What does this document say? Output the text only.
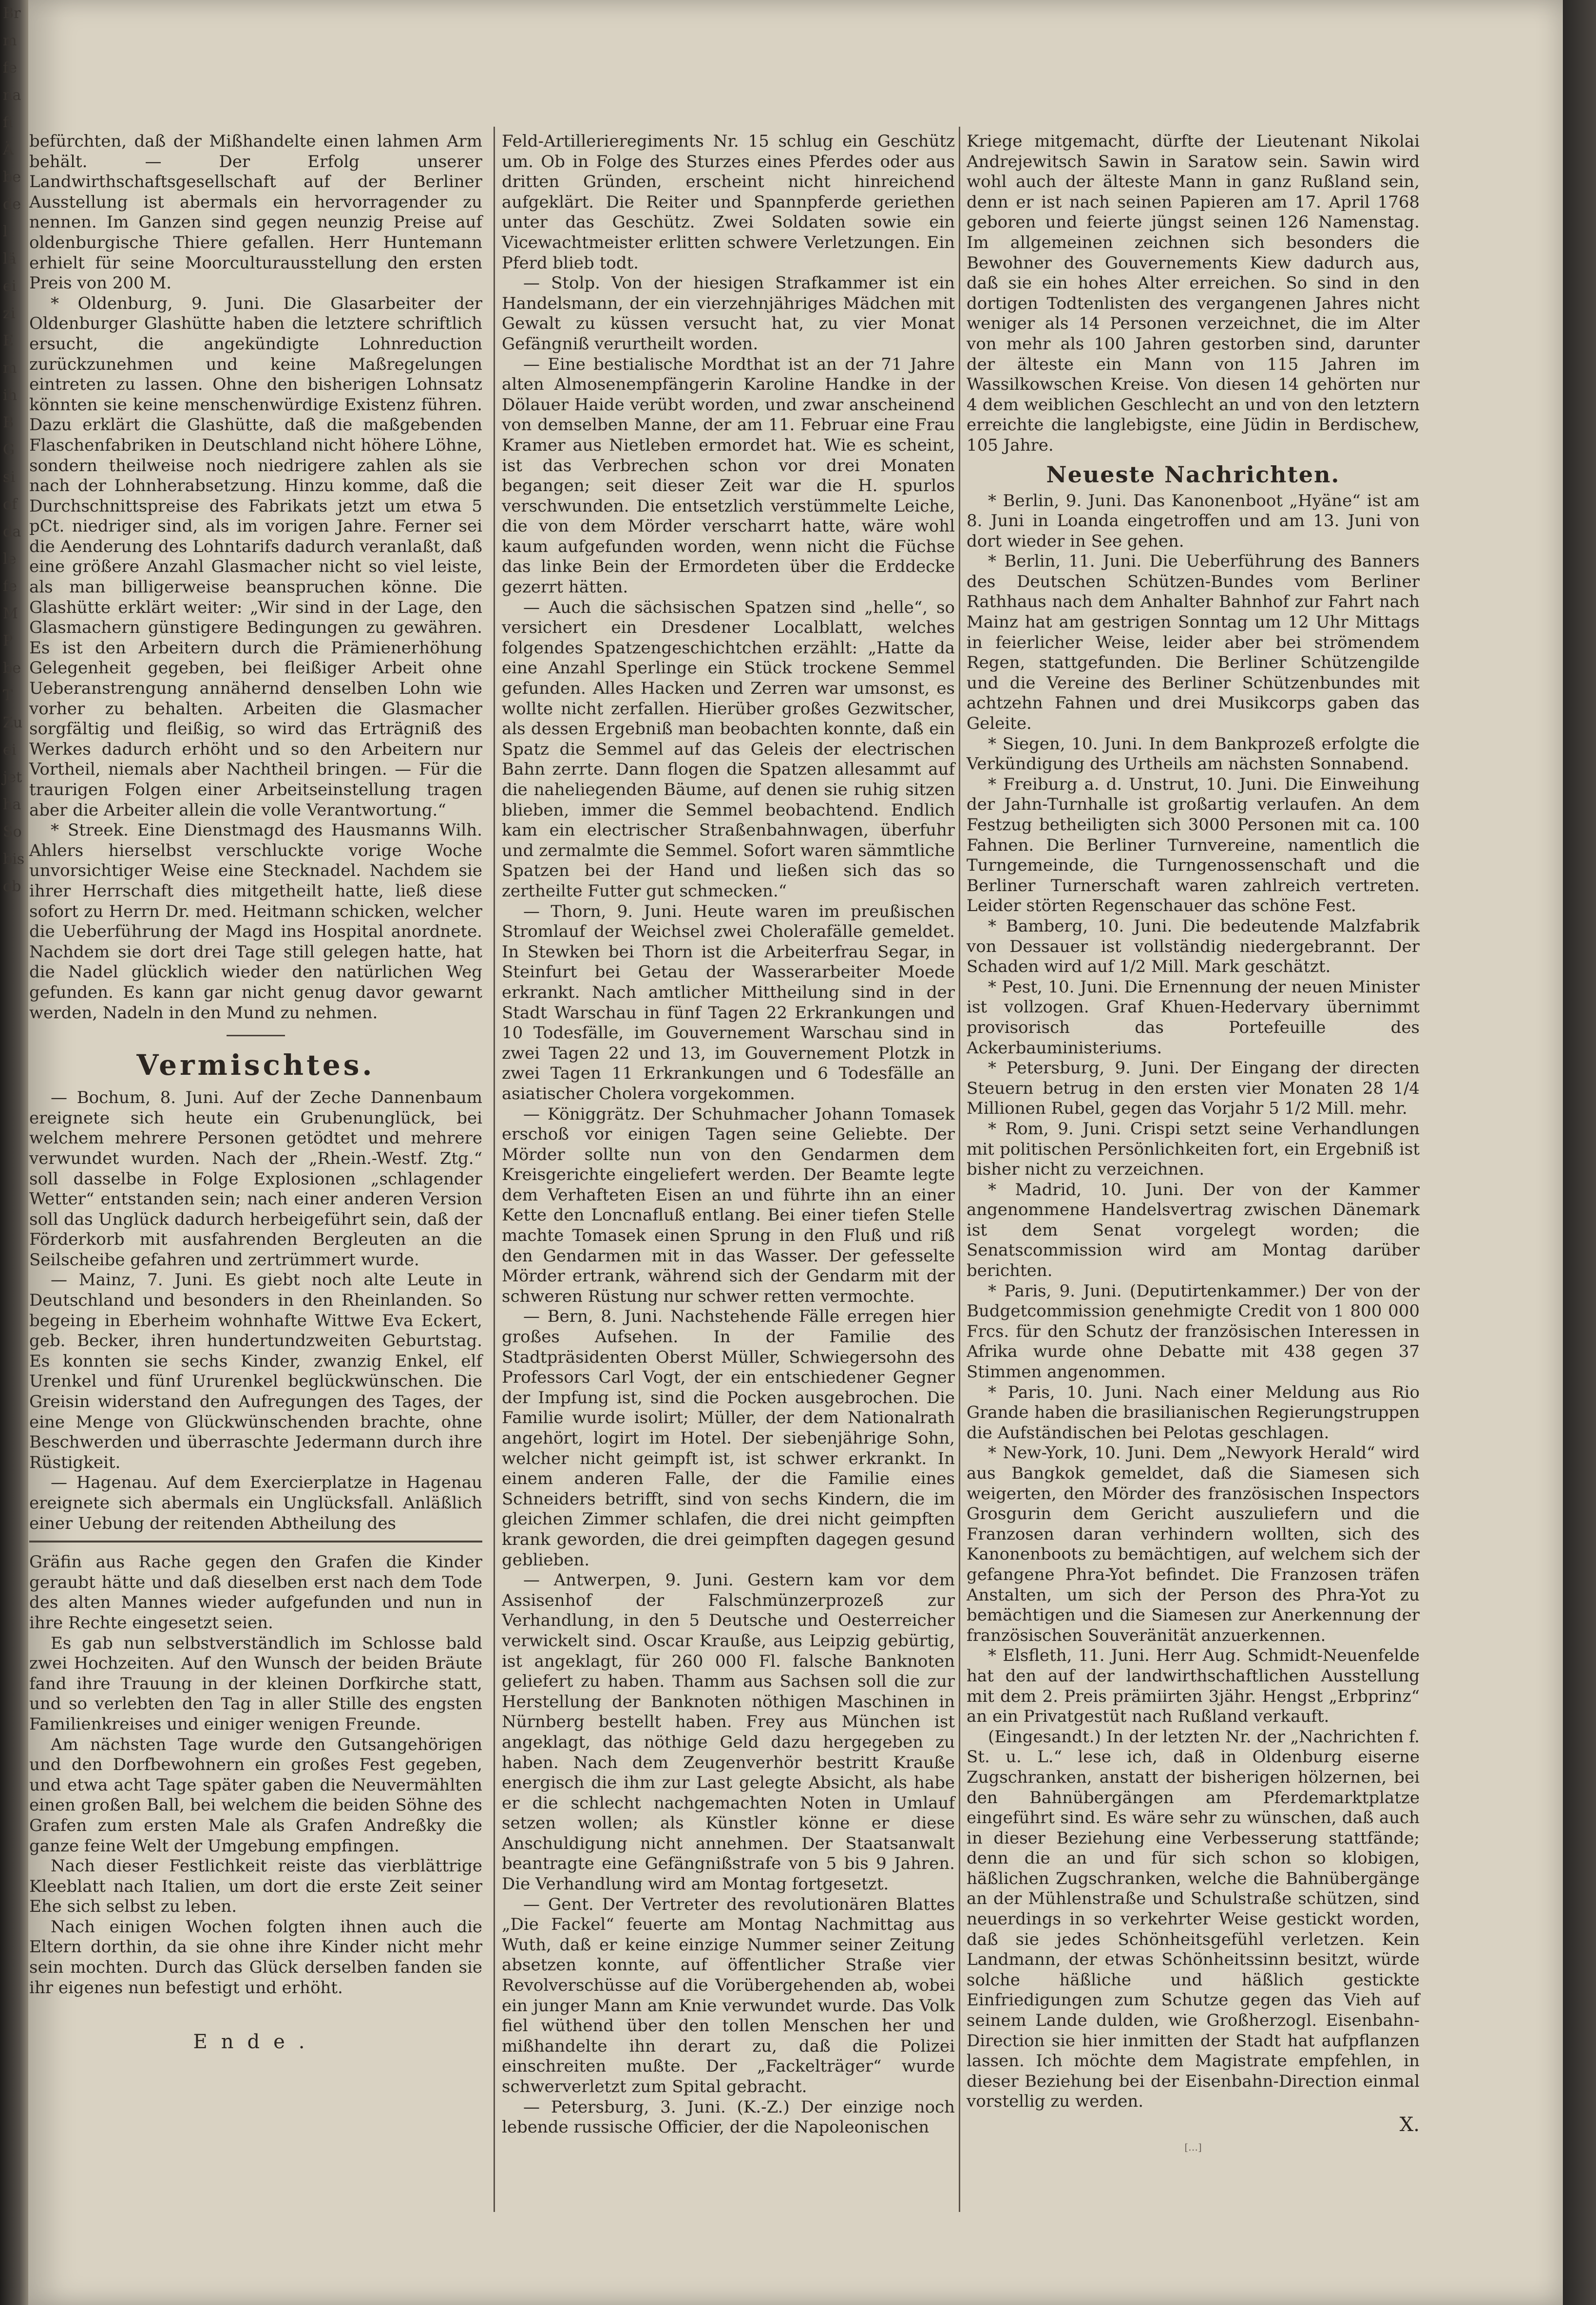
Br
m
fe
na
fi
Ä
be
de
l
lä
ei
zi
E
m
ih
B
G
si
of
da
le
fe
M
P
be
T
Zu
ei
jet
ha
So
bis
ob

befürchten, daß der Mißhandelte einen lahmen Arm behält. — Der Erfolg unserer Landwirthschaftsgesellschaft auf der Berliner Ausstellung ist abermals ein hervorragender zu nennen. Im Ganzen sind gegen neunzig Preise auf oldenburgische Thiere gefallen. Herr Huntemann erhielt für seine Moorculturausstellung den ersten Preis von 200 M.

* Oldenburg, 9. Juni. Die Glasarbeiter der Oldenburger Glashütte haben die letztere schriftlich ersucht, die angekündigte Lohnreduction zurückzunehmen und keine Maßregelungen eintreten zu lassen. Ohne den bisherigen Lohnsatz könnten sie keine menschenwürdige Existenz führen. Dazu erklärt die Glashütte, daß die maßgebenden Flaschenfabriken in Deutschland nicht höhere Löhne, sondern theilweise noch niedrigere zahlen als sie nach der Lohnherabsetzung. Hinzu komme, daß die Durchschnittspreise des Fabrikats jetzt um etwa 5 pCt. niedriger sind, als im vorigen Jahre. Ferner sei die Aenderung des Lohntarifs dadurch veranlaßt, daß eine größere Anzahl Glasmacher nicht so viel leiste, als man billigerweise beanspruchen könne. Die Glashütte erklärt weiter: „Wir sind in der Lage, den Glasmachern günstigere Bedingungen zu gewähren. Es ist den Arbeitern durch die Prämienerhöhung Gelegenheit gegeben, bei fleißiger Arbeit ohne Ueberanstrengung annähernd denselben Lohn wie vorher zu behalten. Arbeiten die Glasmacher sorgfältig und fleißig, so wird das Erträgniß des Werkes dadurch erhöht und so den Arbeitern nur Vortheil, niemals aber Nachtheil bringen. — Für die traurigen Folgen einer Arbeitseinstellung tragen aber die Arbeiter allein die volle Verantwortung.“

* Streek. Eine Dienstmagd des Hausmanns Wilh. Ahlers hierselbst verschluckte vorige Woche unvorsichtiger Weise eine Stecknadel. Nachdem sie ihrer Herrschaft dies mitgetheilt hatte, ließ diese sofort zu Herrn Dr. med. Heitmann schicken, welcher die Ueberführung der Magd ins Hospital anordnete. Nachdem sie dort drei Tage still gelegen hatte, hat die Nadel glücklich wieder den natürlichen Weg gefunden. Es kann gar nicht genug davor gewarnt werden, Nadeln in den Mund zu nehmen.

Vermischtes.

— Bochum, 8. Juni. Auf der Zeche Dannenbaum ereignete sich heute ein Grubenunglück, bei welchem mehrere Personen getödtet und mehrere verwundet wurden. Nach der „Rhein.-Westf. Ztg.“ soll dasselbe in Folge Explosionen „schlagender Wetter“ entstanden sein; nach einer anderen Version soll das Unglück dadurch herbeigeführt sein, daß der Förderkorb mit ausfahrenden Bergleuten an die Seilscheibe gefahren und zertrümmert wurde.

— Mainz, 7. Juni. Es giebt noch alte Leute in Deutschland und besonders in den Rheinlanden. So begeing in Eberheim wohnhafte Wittwe Eva Eckert, geb. Becker, ihren hundertundzweiten Geburtstag. Es konnten sie sechs Kinder, zwanzig Enkel, elf Urenkel und fünf Ururenkel beglückwünschen. Die Greisin widerstand den Aufregungen des Tages, der eine Menge von Glückwünschenden brachte, ohne Beschwerden und überraschte Jedermann durch ihre Rüstigkeit.

— Hagenau. Auf dem Exercierplatze in Hagenau ereignete sich abermals ein Unglücksfall. Anläßlich einer Uebung der reitenden Abtheilung des

Gräfin aus Rache gegen den Grafen die Kinder geraubt hätte und daß dieselben erst nach dem Tode des alten Mannes wieder aufgefunden und nun in ihre Rechte eingesetzt seien.

Es gab nun selbstverständlich im Schlosse bald zwei Hochzeiten. Auf den Wunsch der beiden Bräute fand ihre Trauung in der kleinen Dorfkirche statt, und so verlebten den Tag in aller Stille des engsten Familienkreises und einiger wenigen Freunde.

Am nächsten Tage wurde den Gutsangehörigen und den Dorfbewohnern ein großes Fest gegeben, und etwa acht Tage später gaben die Neuvermählten einen großen Ball, bei welchem die beiden Söhne des Grafen zum ersten Male als Grafen Andreßky die ganze feine Welt der Umgebung empfingen.

Nach dieser Festlichkeit reiste das vierblättrige Kleeblatt nach Italien, um dort die erste Zeit seiner Ehe sich selbst zu leben.

Nach einigen Wochen folgten ihnen auch die Eltern dorthin, da sie ohne ihre Kinder nicht mehr sein mochten. Durch das Glück derselben fanden sie ihr eigenes nun befestigt und erhöht.

Ende.

Feld-Artillerieregiments Nr. 15 schlug ein Geschütz um. Ob in Folge des Sturzes eines Pferdes oder aus dritten Gründen, erscheint nicht hinreichend aufgeklärt. Die Reiter und Spannpferde geriethen unter das Geschütz. Zwei Soldaten sowie ein Vicewachtmeister erlitten schwere Verletzungen. Ein Pferd blieb todt.

— Stolp. Von der hiesigen Strafkammer ist ein Handelsmann, der ein vierzehnjähriges Mädchen mit Gewalt zu küssen versucht hat, zu vier Monat Gefängniß verurtheilt worden.

— Eine bestialische Mordthat ist an der 71 Jahre alten Almosenempfängerin Karoline Handke in der Dölauer Haide verübt worden, und zwar anscheinend von demselben Manne, der am 11. Februar eine Frau Kramer aus Nietleben ermordet hat. Wie es scheint, ist das Verbrechen schon vor drei Monaten begangen; seit dieser Zeit war die H. spurlos verschwunden. Die entsetzlich verstümmelte Leiche, die von dem Mörder verscharrt hatte, wäre wohl kaum aufgefunden worden, wenn nicht die Füchse das linke Bein der Ermordeten über die Erddecke gezerrt hätten.

— Auch die sächsischen Spatzen sind „helle“, so versichert ein Dresdener Localblatt, welches folgendes Spatzengeschichtchen erzählt: „Hatte da eine Anzahl Sperlinge ein Stück trockene Semmel gefunden. Alles Hacken und Zerren war umsonst, es wollte nicht zerfallen. Hierüber großes Gezwitscher, als dessen Ergebniß man beobachten konnte, daß ein Spatz die Semmel auf das Geleis der electrischen Bahn zerrte. Dann flogen die Spatzen allesammt auf die naheliegenden Bäume, auf denen sie ruhig sitzen blieben, immer die Semmel beobachtend. Endlich kam ein electrischer Straßenbahnwagen, überfuhr und zermalmte die Semmel. Sofort waren sämmtliche Spatzen bei der Hand und ließen sich das so zertheilte Futter gut schmecken.“

— Thorn, 9. Juni. Heute waren im preußischen Stromlauf der Weichsel zwei Cholerafälle gemeldet. In Stewken bei Thorn ist die Arbeiterfrau Segar, in Steinfurt bei Getau der Wasserarbeiter Moede erkrankt. Nach amtlicher Mittheilung sind in der Stadt Warschau in fünf Tagen 22 Erkrankungen und 10 Todesfälle, im Gouvernement Warschau sind in zwei Tagen 22 und 13, im Gouvernement Plotzk in zwei Tagen 11 Erkrankungen und 6 Todesfälle an asiatischer Cholera vorgekommen.

— Königgrätz. Der Schuhmacher Johann Tomasek erschoß vor einigen Tagen seine Geliebte. Der Mörder sollte nun von den Gendarmen dem Kreisgerichte eingeliefert werden. Der Beamte legte dem Verhafteten Eisen an und führte ihn an einer Kette den Loncnafluß entlang. Bei einer tiefen Stelle machte Tomasek einen Sprung in den Fluß und riß den Gendarmen mit in das Wasser. Der gefesselte Mörder ertrank, während sich der Gendarm mit der schweren Rüstung nur schwer retten vermochte.

— Bern, 8. Juni. Nachstehende Fälle erregen hier großes Aufsehen. In der Familie des Stadtpräsidenten Oberst Müller, Schwiegersohn des Professors Carl Vogt, der ein entschiedener Gegner der Impfung ist, sind die Pocken ausgebrochen. Die Familie wurde isolirt; Müller, der dem Nationalrath angehört, logirt im Hotel. Der siebenjährige Sohn, welcher nicht geimpft ist, ist schwer erkrankt. In einem anderen Falle, der die Familie eines Schneiders betrifft, sind von sechs Kindern, die im gleichen Zimmer schlafen, die drei nicht geimpften krank geworden, die drei geimpften dagegen gesund geblieben.

— Antwerpen, 9. Juni. Gestern kam vor dem Assisenhof der Falschmünzerprozeß zur Verhandlung, in den 5 Deutsche und Oesterreicher verwickelt sind. Oscar Krauße, aus Leipzig gebürtig, ist angeklagt, für 260 000 Fl. falsche Banknoten geliefert zu haben. Thamm aus Sachsen soll die zur Herstellung der Banknoten nöthigen Maschinen in Nürnberg bestellt haben. Frey aus München ist angeklagt, das nöthige Geld dazu hergegeben zu haben. Nach dem Zeugenverhör bestritt Krauße energisch die ihm zur Last gelegte Absicht, als habe er die schlecht nachgemachten Noten in Umlauf setzen wollen; als Künstler könne er diese Anschuldigung nicht annehmen. Der Staatsanwalt beantragte eine Gefängnißstrafe von 5 bis 9 Jahren. Die Verhandlung wird am Montag fortgesetzt.

— Gent. Der Vertreter des revolutionären Blattes „Die Fackel“ feuerte am Montag Nachmittag aus Wuth, daß er keine einzige Nummer seiner Zeitung absetzen konnte, auf öffentlicher Straße vier Revolverschüsse auf die Vorübergehenden ab, wobei ein junger Mann am Knie verwundet wurde. Das Volk fiel wüthend über den tollen Menschen her und mißhandelte ihn derart zu, daß die Polizei einschreiten mußte. Der „Fackelträger“ wurde schwerverletzt zum Spital gebracht.

— Petersburg, 3. Juni. (K.-Z.) Der einzige noch lebende russische Officier, der die Napoleonischen

Kriege mitgemacht, dürfte der Lieutenant Nikolai Andrejewitsch Sawin in Saratow sein. Sawin wird wohl auch der älteste Mann in ganz Rußland sein, denn er ist nach seinen Papieren am 17. April 1768 geboren und feierte jüngst seinen 126 Namenstag. Im allgemeinen zeichnen sich besonders die Bewohner des Gouvernements Kiew dadurch aus, daß sie ein hohes Alter erreichen. So sind in den dortigen Todtenlisten des vergangenen Jahres nicht weniger als 14 Personen verzeichnet, die im Alter von mehr als 100 Jahren gestorben sind, darunter der älteste ein Mann von 115 Jahren im Wassilkowschen Kreise. Von diesen 14 gehörten nur 4 dem weiblichen Geschlecht an und von den letztern erreichte die langlebigste, eine Jüdin in Berdischew, 105 Jahre.

Neueste Nachrichten.

* Berlin, 9. Juni. Das Kanonenboot „Hyäne“ ist am 8. Juni in Loanda eingetroffen und am 13. Juni von dort wieder in See gehen.

* Berlin, 11. Juni. Die Ueberführung des Banners des Deutschen Schützen-Bundes vom Berliner Rathhaus nach dem Anhalter Bahnhof zur Fahrt nach Mainz hat am gestrigen Sonntag um 12 Uhr Mittags in feierlicher Weise, leider aber bei strömendem Regen, stattgefunden. Die Berliner Schützengilde und die Vereine des Berliner Schützenbundes mit achtzehn Fahnen und drei Musikcorps gaben das Geleite.

* Siegen, 10. Juni. In dem Bankprozeß erfolgte die Verkündigung des Urtheils am nächsten Sonnabend.

* Freiburg a. d. Unstrut, 10. Juni. Die Einweihung der Jahn-Turnhalle ist großartig verlaufen. An dem Festzug betheiligten sich 3000 Personen mit ca. 100 Fahnen. Die Berliner Turnvereine, namentlich die Turngemeinde, die Turngenossenschaft und die Berliner Turnerschaft waren zahlreich vertreten. Leider störten Regenschauer das schöne Fest.

* Bamberg, 10. Juni. Die bedeutende Malzfabrik von Dessauer ist vollständig niedergebrannt. Der Schaden wird auf 1/2 Mill. Mark geschätzt.

* Pest, 10. Juni. Die Ernennung der neuen Minister ist vollzogen. Graf Khuen-Hedervary übernimmt provisorisch das Portefeuille des Ackerbauministeriums.

* Petersburg, 9. Juni. Der Eingang der directen Steuern betrug in den ersten vier Monaten 28 1/4 Millionen Rubel, gegen das Vorjahr 5 1/2 Mill. mehr.

* Rom, 9. Juni. Crispi setzt seine Verhandlungen mit politischen Persönlichkeiten fort, ein Ergebniß ist bisher nicht zu verzeichnen.

* Madrid, 10. Juni. Der von der Kammer angenommene Handelsvertrag zwischen Dänemark ist dem Senat vorgelegt worden; die Senatscommission wird am Montag darüber berichten.

* Paris, 9. Juni. (Deputirtenkammer.) Der von der Budgetcommission genehmigte Credit von 1 800 000 Frcs. für den Schutz der französischen Interessen in Afrika wurde ohne Debatte mit 438 gegen 37 Stimmen angenommen.

* Paris, 10. Juni. Nach einer Meldung aus Rio Grande haben die brasilianischen Regierungstruppen die Aufständischen bei Pelotas geschlagen.

* New-York, 10. Juni. Dem „Newyork Herald“ wird aus Bangkok gemeldet, daß die Siamesen sich weigerten, den Mörder des französischen Inspectors Grosgurin dem Gericht auszuliefern und die Franzosen daran verhindern wollten, sich des Kanonenboots zu bemächtigen, auf welchem sich der gefangene Phra-Yot befindet. Die Franzosen träfen Anstalten, um sich der Person des Phra-Yot zu bemächtigen und die Siamesen zur Anerkennung der französischen Souveränität anzuerkennen.

* Elsfleth, 11. Juni. Herr Aug. Schmidt-Neuenfelde hat den auf der landwirthschaftlichen Ausstellung mit dem 2. Preis prämiirten 3jähr. Hengst „Erbprinz“ an ein Privatgestüt nach Rußland verkauft.

(Eingesandt.) In der letzten Nr. der „Nachrichten f. St. u. L.“ lese ich, daß in Oldenburg eiserne Zugschranken, anstatt der bisherigen hölzernen, bei den Bahnübergängen am Pferdemarktplatze eingeführt sind. Es wäre sehr zu wünschen, daß auch in dieser Beziehung eine Verbesserung stattfände; denn die an und für sich schon so klobigen, häßlichen Zugschranken, welche die Bahnübergänge an der Mühlenstraße und Schulstraße schützen, sind neuerdings in so verkehrter Weise gestickt worden, daß sie jedes Schönheitsgefühl verletzen. Kein Landmann, der etwas Schönheitssinn besitzt, würde solche häßliche und häßlich gestickte Einfriedigungen zum Schutze gegen das Vieh auf seinem Lande dulden, wie Großherzogl. Eisenbahn-Direction sie hier inmitten der Stadt hat aufpflanzen lassen. Ich möchte dem Magistrate empfehlen, in dieser Beziehung bei der Eisenbahn-Direction einmal vorstellig zu werden.

X.
[…]
